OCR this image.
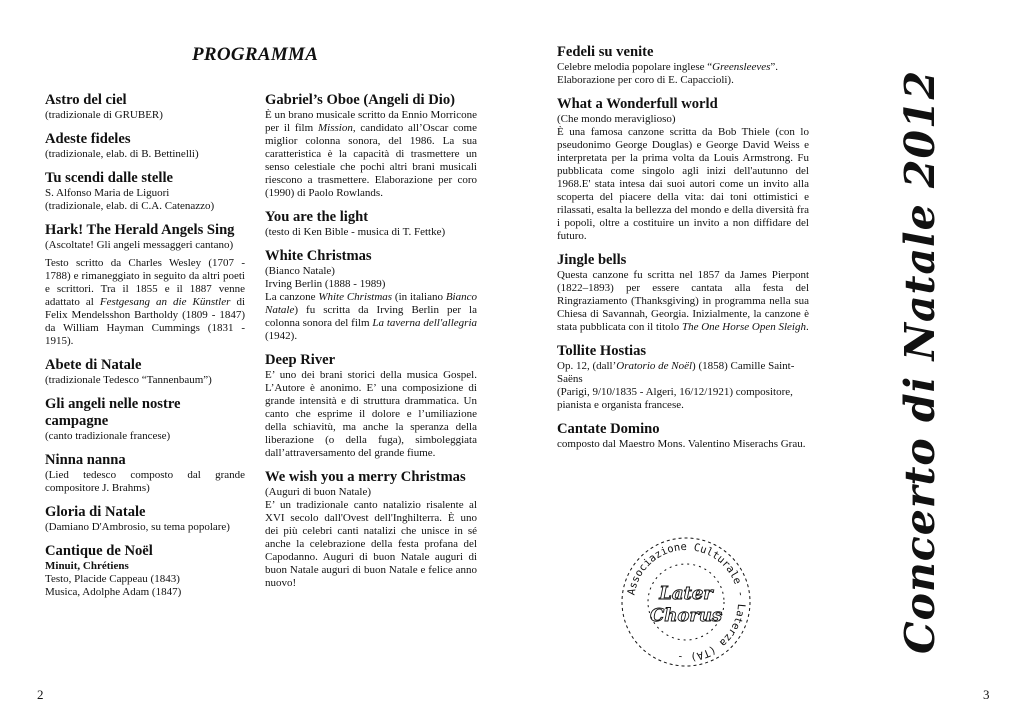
PROGRAMMA
Astro del ciel

(tradizionale di GRUBER)

Adeste fideles

(tradizionale, elab. di B. Bettinelli)

Tu scendi dalle stelle

S. Alfonso Maria de Liguori

(tradizionale, elab. di C.A. Catenazzo)

Hark! The Herald Angels Sing

(Ascoltate! Gli angeli messaggeri cantano)

Testo scritto da Charles Wesley (1707 - 1788) e rimaneggiato in seguito da altri poeti e scrittori. Tra il 1855 e il 1887 venne adattato al Festgesang an die Künstler di Felix Mendelsshon Bartholdy (1809 - 1847) da William Hayman Cummings (1831 - 1915).

Abete di Natale

(tradizionale Tedesco “Tannenbaum”)

Gli angeli nelle nostre campagne

(canto tradizionale francese)

Ninna nanna

(Lied tedesco composto dal grande compositore J. Brahms)

Gloria di Natale

(Damiano D'Ambrosio, su tema popolare)

Cantique de Noël

Minuit, Chrétiens

Testo, Placide Cappeau (1843)

Musica, Adolphe Adam (1847)

Gabriel’s Oboe (Angeli di Dio)

È un brano musicale scritto da Ennio Morricone per il film Mission, candidato all’Oscar come miglior colonna sonora, del 1986. La sua caratteristica è la capacità di trasmettere un senso celestiale che pochi altri brani musicali riescono a trasmettere. Elaborazione per coro (1990) di Paolo Rowlands.

You are the light

(testo di Ken Bible - musica di T. Fettke)

White Christmas

(Bianco Natale)

Irving Berlin (1888 - 1989)

La canzone White Christmas (in italiano Bianco Natale) fu scritta da Irving Berlin per la colonna sonora del film La taverna dell'allegria (1942).

Deep River

E’ uno dei brani storici della musica Gospel. L’Autore è anonimo. E’ una composizione di grande intensità e di struttura drammatica. Un canto che esprime il dolore e l’umiliazione della schiavitù, ma anche la speranza della liberazione (o della fuga), simboleggiata dall’attraversamento del grande fiume.

We wish you a merry Christmas

(Auguri di buon Natale)

E’ un tradizionale canto natalizio risalente al XVI secolo dall'Ovest dell'Inghilterra. È uno dei più celebri canti natalizi che unisce in sé anche la celebrazione della festa profana del Capodanno. Auguri di buon Natale auguri di buon Natale auguri di buon Natale e felice anno nuovo!

2
Fedeli su venite

Celebre melodia popolare inglese “Greensleeves”. Elaborazione per coro di E. Capaccioli).

What a Wonderfull world

(Che mondo meraviglioso)

È una famosa canzone scritta da Bob Thiele (con lo pseudonimo George Douglas) e George David Weiss e interpretata per la prima volta da Louis Armstrong. Fu pubblicata come singolo agli inizi dell'autunno del 1968.E' stata intesa dai suoi autori come un invito alla scoperta del piacere della vita: dai toni ottimistici e rilassati, esalta la bellezza del mondo e della diversità fra i popoli, oltre a costituire un invito a non diffidare del futuro.

Jingle bells

Questa canzone fu scritta nel 1857 da James Pierpont (1822–1893) per essere cantata alla festa del Ringraziamento (Thanksgiving) in programma nella sua Chiesa di Savannah, Georgia. Inizialmente, la canzone è stata pubblicata con il titolo The One Horse Open Sleigh.

Tollite Hostias

Op. 12, (dall’Oratorio de Noël) (1858) Camille Saint-Saëns

(Parigi, 9/10/1835 - Algeri, 16/12/1921) compositore, pianista e organista francese.

Cantate Domino

composto dal Maestro Mons. Valentino Miserachs Grau.

Associazione Culturale - Laterza (TA) -
Later
Chorus	Concerto di Natale 2012
3
